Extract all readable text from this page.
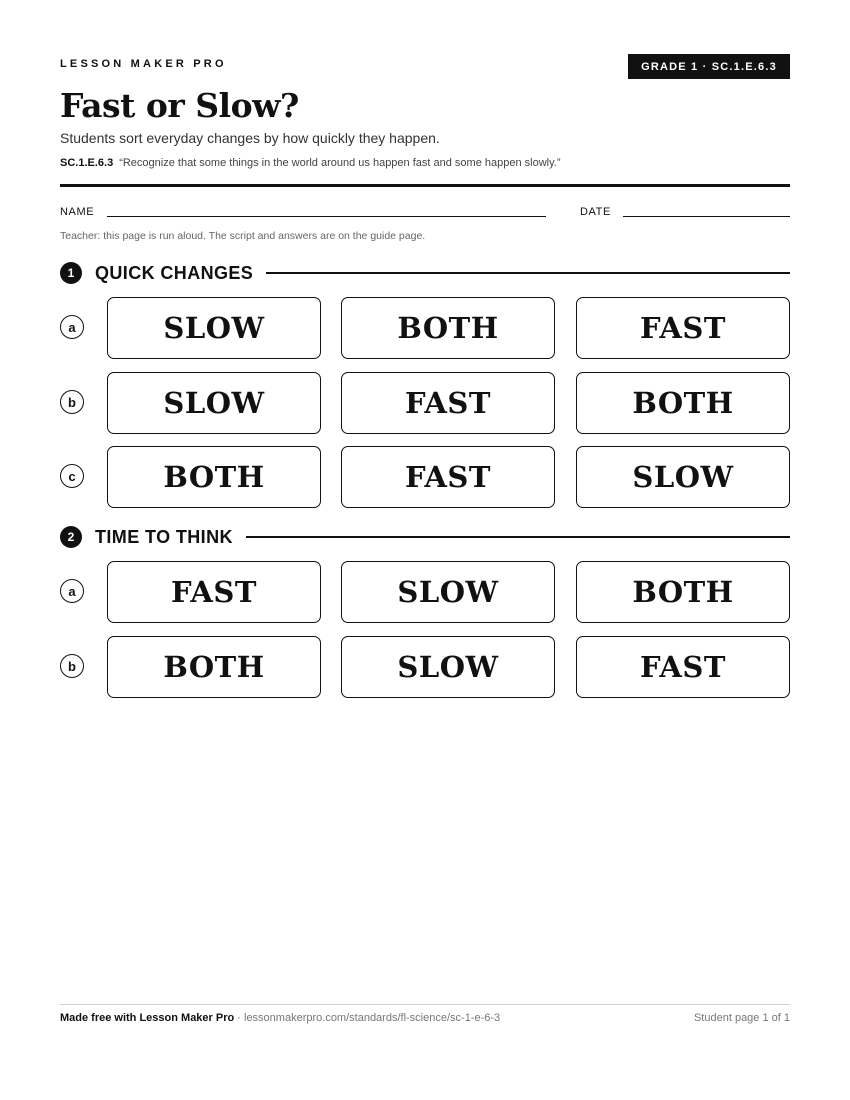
LESSON MAKER PRO	GRADE 1 · SC.1.E.6.3
Fast or Slow?
Students sort everyday changes by how quickly they happen.
SC.1.E.6.3 “Recognize that some things in the world around us happen fast and some happen slowly.”
NAME	DATE
Teacher: this page is run aloud. The script and answers are on the guide page.
1	QUICK CHANGES
a	SLOW	BOTH	FAST
b	SLOW	FAST	BOTH
c	BOTH	FAST	SLOW
2	TIME TO THINK
a	FAST	SLOW	BOTH
b	BOTH	SLOW	FAST
Made free with Lesson Maker Pro · lessonmakerpro.com/standards/fl-science/sc-1-e-6-3	Student page 1 of 1
